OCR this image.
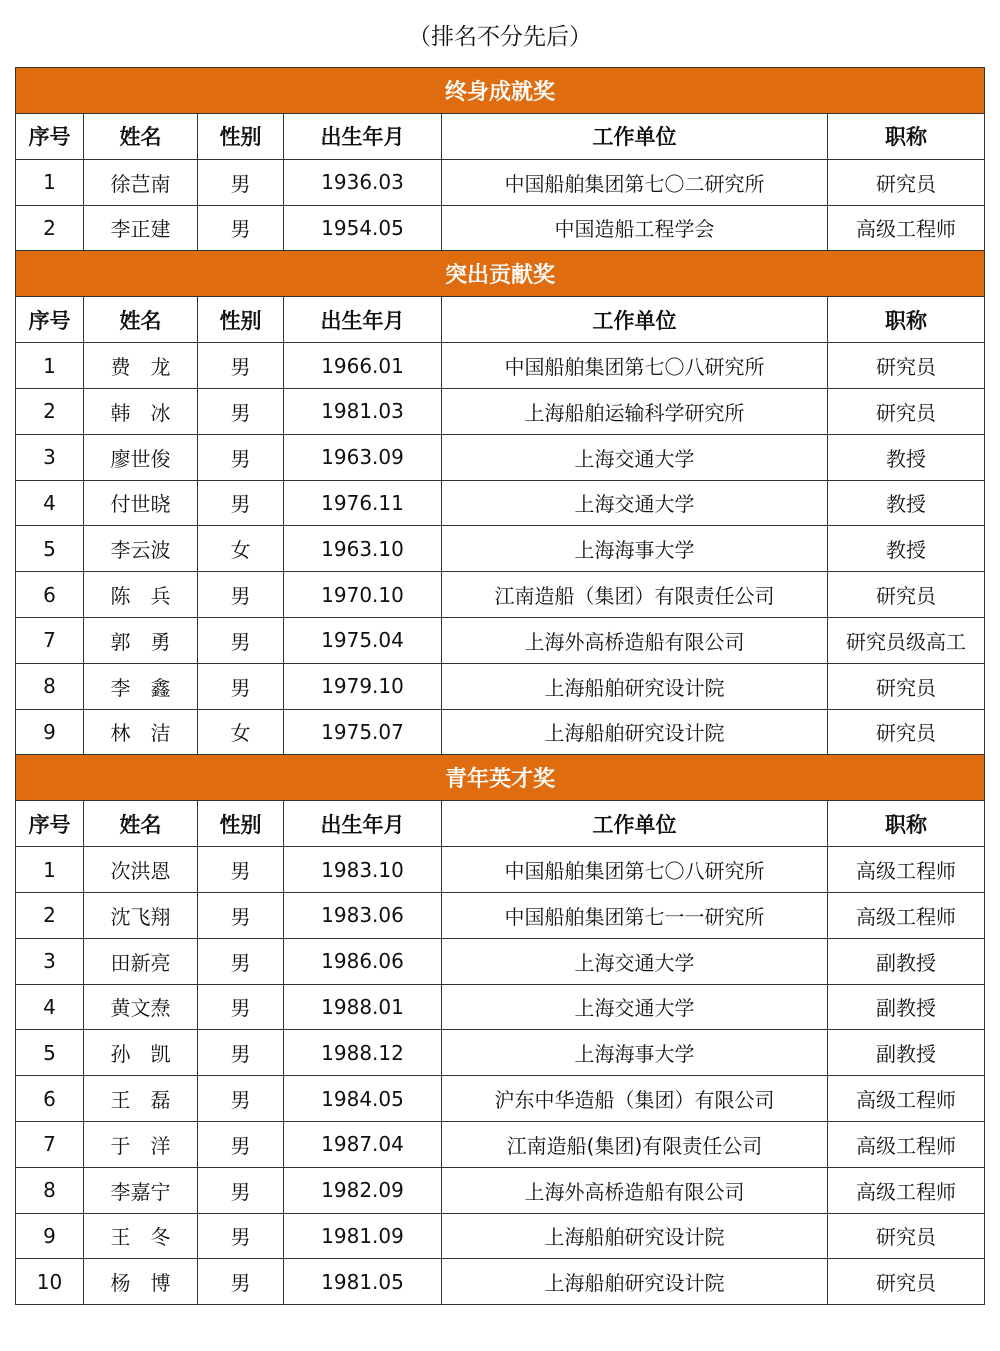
（排名不分先后）
终身成就奖					
序号	姓名	性别	出生年月	工作单位	职称
1	徐芑南	男	1936.03	中国船舶集团第七〇二研究所	研究员
2	李正建	男	1954.05	中国造船工程学会	高级工程师
突出贡献奖					
序号	姓名	性别	出生年月	工作单位	职称
1	费　龙	男	1966.01	中国船舶集团第七〇八研究所	研究员
2	韩　冰	男	1981.03	上海船舶运输科学研究所	研究员
3	廖世俊	男	1963.09	上海交通大学	教授
4	付世晓	男	1976.11	上海交通大学	教授
5	李云波	女	1963.10	上海海事大学	教授
6	陈　兵	男	1970.10	江南造船（集团）有限责任公司	研究员
7	郭　勇	男	1975.04	上海外高桥造船有限公司	研究员级高工
8	李　鑫	男	1979.10	上海船舶研究设计院	研究员
9	林　洁	女	1975.07	上海船舶研究设计院	研究员
青年英才奖					
序号	姓名	性别	出生年月	工作单位	职称
1	次洪恩	男	1983.10	中国船舶集团第七〇八研究所	高级工程师
2	沈飞翔	男	1983.06	中国船舶集团第七一一研究所	高级工程师
3	田新亮	男	1986.06	上海交通大学	副教授
4	黄文焘	男	1988.01	上海交通大学	副教授
5	孙　凯	男	1988.12	上海海事大学	副教授
6	王　磊	男	1984.05	沪东中华造船（集团）有限公司	高级工程师
7	于　洋	男	1987.04	江南造船(集团)有限责任公司	高级工程师
8	李嘉宁	男	1982.09	上海外高桥造船有限公司	高级工程师
9	王　冬	男	1981.09	上海船舶研究设计院	研究员
10	杨　博	男	1981.05	上海船舶研究设计院	研究员
